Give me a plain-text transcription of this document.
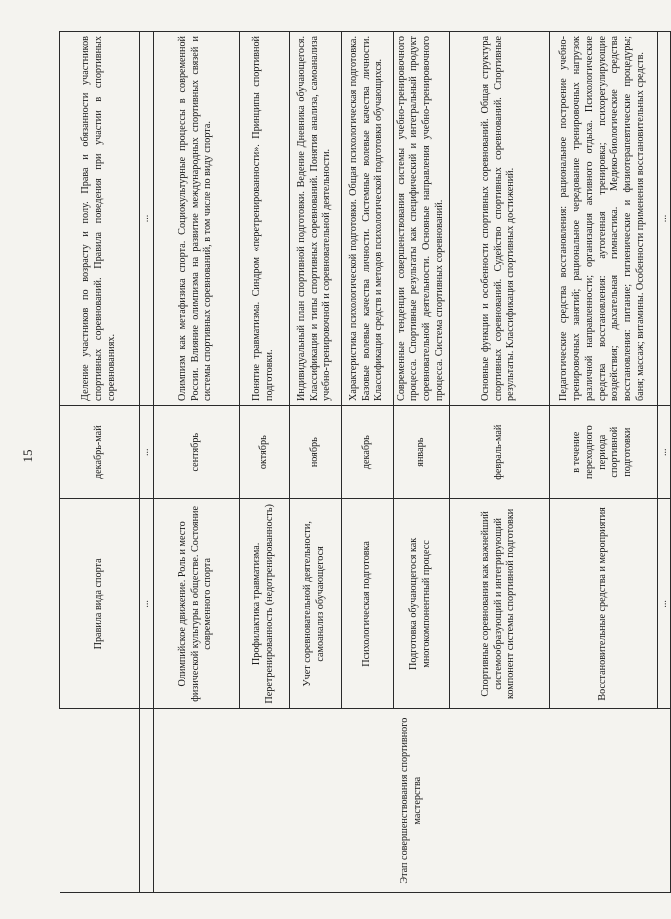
15
	Правила вида спорта	декабрь-май	Деление участников по возрасту и полу. Права и обязанности участников спортивных соревнований. Правила поведения при участии в спортивных соревнованиях.
	...	...	...
Этап совершенствования спортивного мастерства	Олимпийское движение. Роль и место физической культуры в обществе. Состояние современного спорта	сентябрь	Олимпизм как метафизика спорта. Социокультурные процессы в современной России. Влияние олимпизма на развитие международных спортивных связей и системы спортивных соревнований, в том числе по виду спорта.
	Профилактика травматизма. Перетренированность (недотренированность)	октябрь	Понятие травматизма. Синдром «перетренированности». Принципы спортивной подготовки.
	Учет соревновательной деятельности, самоанализ обучающегося	ноябрь	Индивидуальный план спортивной подготовки. Ведение Дневника обучающегося. Классификация и типы спортивных соревнований. Понятия анализа, самоанализа учебно-тренировочной и соревновательной деятельности.
	Психологическая подготовка	декабрь	Характеристика психологической подготовки. Общая психологическая подготовка. Базовые волевые качества личности. Системные волевые качества личности. Классификация средств и методов психологической подготовки обучающихся.
	Подготовка обучающегося как многокомпонентный процесс	январь	Современные тенденции совершенствования системы учебно-тренировочного процесса. Спортивные результаты как специфический и интегральный продукт соревновательной деятельности. Основные направления учебно-тренировочного процесса. Система спортивных соревнований.
	Спортивные соревнования как важнейший системообразующий и интегрирующий компонент системы спортивной подготовки	февраль-май	Основные функции и особенности спортивных соревнований. Общая структура спортивных соревнований. Судейство спортивных соревнований. Спортивные результаты. Классификация спортивных достижений.
	Восстановительные средства и мероприятия	в течение переходного периода спортивной подготовки	Педагогические средства восстановления: рациональное построение учебно-тренировочных занятий; рациональное чередование тренировочных нагрузок различной направленности; организация активного отдыха. Психологические средства восстановления: аутогенная тренировка; психорегулирующие воздействия; дыхательная гимнастика. Медико-биологические средства восстановления: питание; гигиенические и физиотерапевтические процедуры; баня; массаж; витамины. Особенности применения восстановительных средств.
	...	...	...
